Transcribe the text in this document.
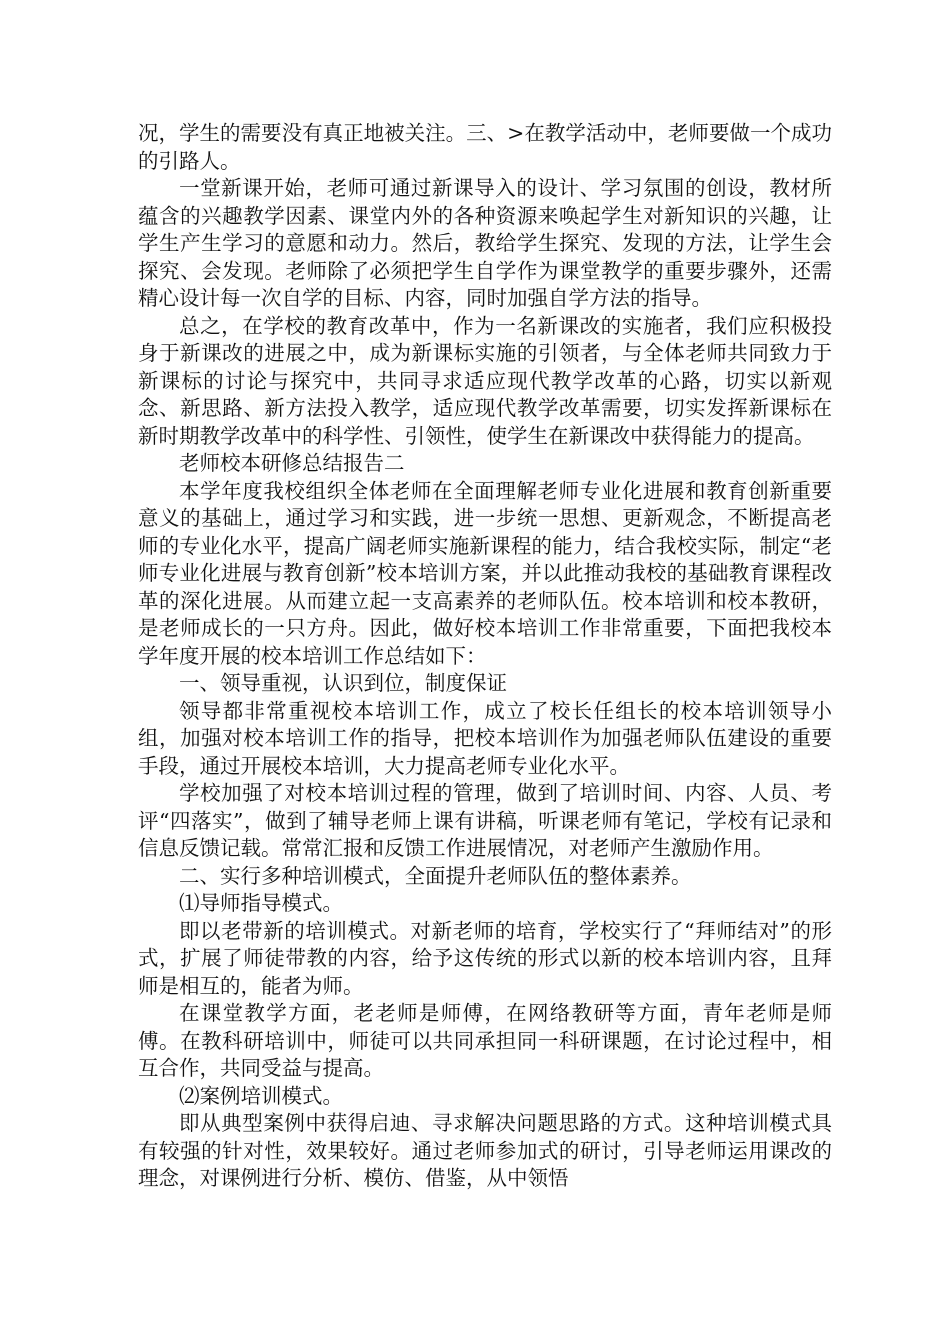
况，学生的需要没有真正地被关注。三、>在教学活动中，老师要做一个成功的引路人。

一堂新课开始，老师可通过新课导入的设计、学习氛围的创设，教材所蕴含的兴趣教学因素、课堂内外的各种资源来唤起学生对新知识的兴趣，让学生产生学习的意愿和动力。然后，教给学生探究、发现的方法，让学生会探究、会发现。老师除了必须把学生自学作为课堂教学的重要步骤外，还需精心设计每一次自学的目标、内容，同时加强自学方法的指导。

总之，在学校的教育改革中，作为一名新课改的实施者，我们应积极投身于新课改的进展之中，成为新课标实施的引领者，与全体老师共同致力于新课标的讨论与探究中，共同寻求适应现代教学改革的心路，切实以新观念、新思路、新方法投入教学，适应现代教学改革需要，切实发挥新课标在新时期教学改革中的科学性、引领性，使学生在新课改中获得能力的提高。

老师校本研修总结报告二

本学年度我校组织全体老师在全面理解老师专业化进展和教育创新重要意义的基础上，通过学习和实践，进一步统一思想、更新观念，不断提高老师的专业化水平，提高广阔老师实施新课程的能力，结合我校实际，制定“老师专业化进展与教育创新”校本培训方案，并以此推动我校的基础教育课程改革的深化进展。从而建立起一支高素养的老师队伍。校本培训和校本教研，是老师成长的一只方舟。因此，做好校本培训工作非常重要，下面把我校本学年度开展的校本培训工作总结如下：

一、领导重视，认识到位，制度保证

领导都非常重视校本培训工作，成立了校长任组长的校本培训领导小组，加强对校本培训工作的指导，把校本培训作为加强老师队伍建设的重要手段，通过开展校本培训，大力提高老师专业化水平。

学校加强了对校本培训过程的管理，做到了培训时间、内容、人员、考评“四落实”，做到了辅导老师上课有讲稿，听课老师有笔记，学校有记录和信息反馈记载。常常汇报和反馈工作进展情况，对老师产生激励作用。

二、实行多种培训模式，全面提升老师队伍的整体素养。

⑴导师指导模式。

即以老带新的培训模式。对新老师的培育，学校实行了“拜师结对”的形式，扩展了师徒带教的内容，给予这传统的形式以新的校本培训内容，且拜师是相互的，能者为师。

在课堂教学方面，老老师是师傅，在网络教研等方面，青年老师是师傅。在教科研培训中，师徒可以共同承担同一科研课题，在讨论过程中，相互合作，共同受益与提高。

⑵案例培训模式。

即从典型案例中获得启迪、寻求解决问题思路的方式。这种培训模式具有较强的针对性，效果较好。通过老师参加式的研讨，引导老师运用课改的理念，对课例进行分析、模仿、借鉴，从中领悟
